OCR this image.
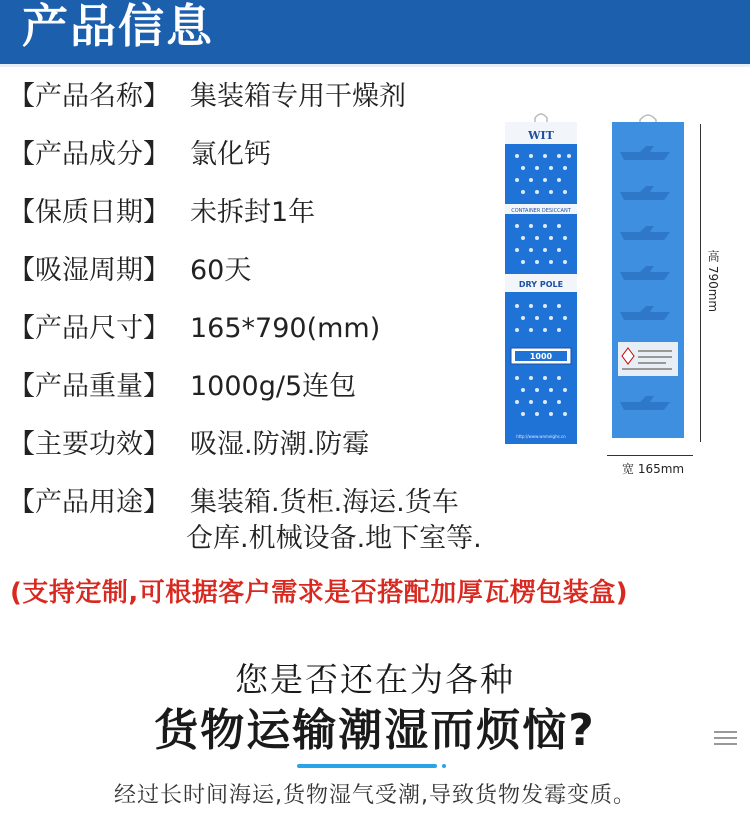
产品信息
【产品名称】 集装箱专用干燥剂
【产品成分】 氯化钙
【保质日期】 未拆封1年
【吸湿周期】 60天
【产品尺寸】 165*790(mm)
【产品重量】 1000g/5连包
【主要功效】 吸湿.防潮.防霉
【产品用途】 集装箱.货柜.海运.货车
仓库.机械设备.地下室等.
WIT
CONTAINER DESICCANT
DRY POLE
1000
http://www.wnmeighs.cn
高 790mm
宽 165mm
(支持定制,可根据客户需求是否搭配加厚瓦楞包装盒)
您是否还在为各种
货物运输潮湿而烦恼?
经过长时间海运,货物湿气受潮,导致货物发霉变质。
